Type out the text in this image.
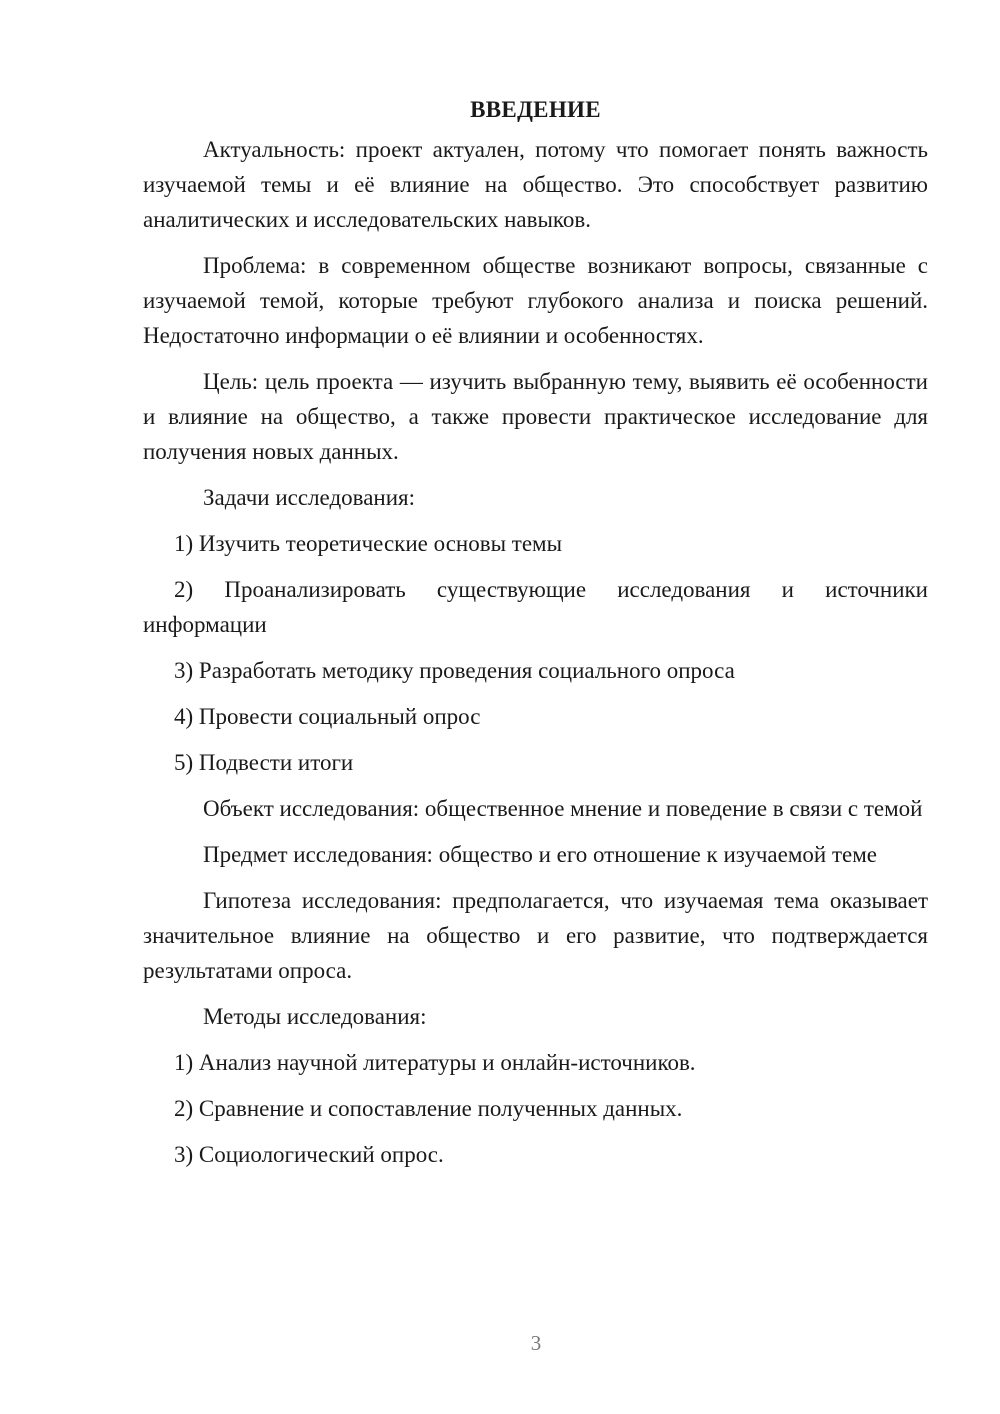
ВВЕДЕНИЕ

Актуальность: проект актуален, потому что помогает понять важность изучаемой темы и её влияние на общество. Это способствует развитию аналитических и исследовательских навыков.

Проблема: в современном обществе возникают вопросы, связанные с изучаемой темой, которые требуют глубокого анализа и поиска решений. Недостаточно информации о её влиянии и особенностях.

Цель: цель проекта — изучить выбранную тему, выявить её особенности и влияние на общество, а также провести практическое исследование для получения новых данных.

Задачи исследования:

1) Изучить теоретические основы темы

2) Проанализировать существующие исследования и источники информации

3) Разработать методику проведения социального опроса

4) Провести социальный опрос

5) Подвести итоги

Объект исследования: общественное мнение и поведение в связи с темой

Предмет исследования: общество и его отношение к изучаемой теме

Гипотеза исследования: предполагается, что изучаемая тема оказывает значительное влияние на общество и его развитие, что подтверждается результатами опроса.

Методы исследования:

1) Анализ научной литературы и онлайн-источников.

2) Сравнение и сопоставление полученных данных.

3) Социологический опрос.

3
